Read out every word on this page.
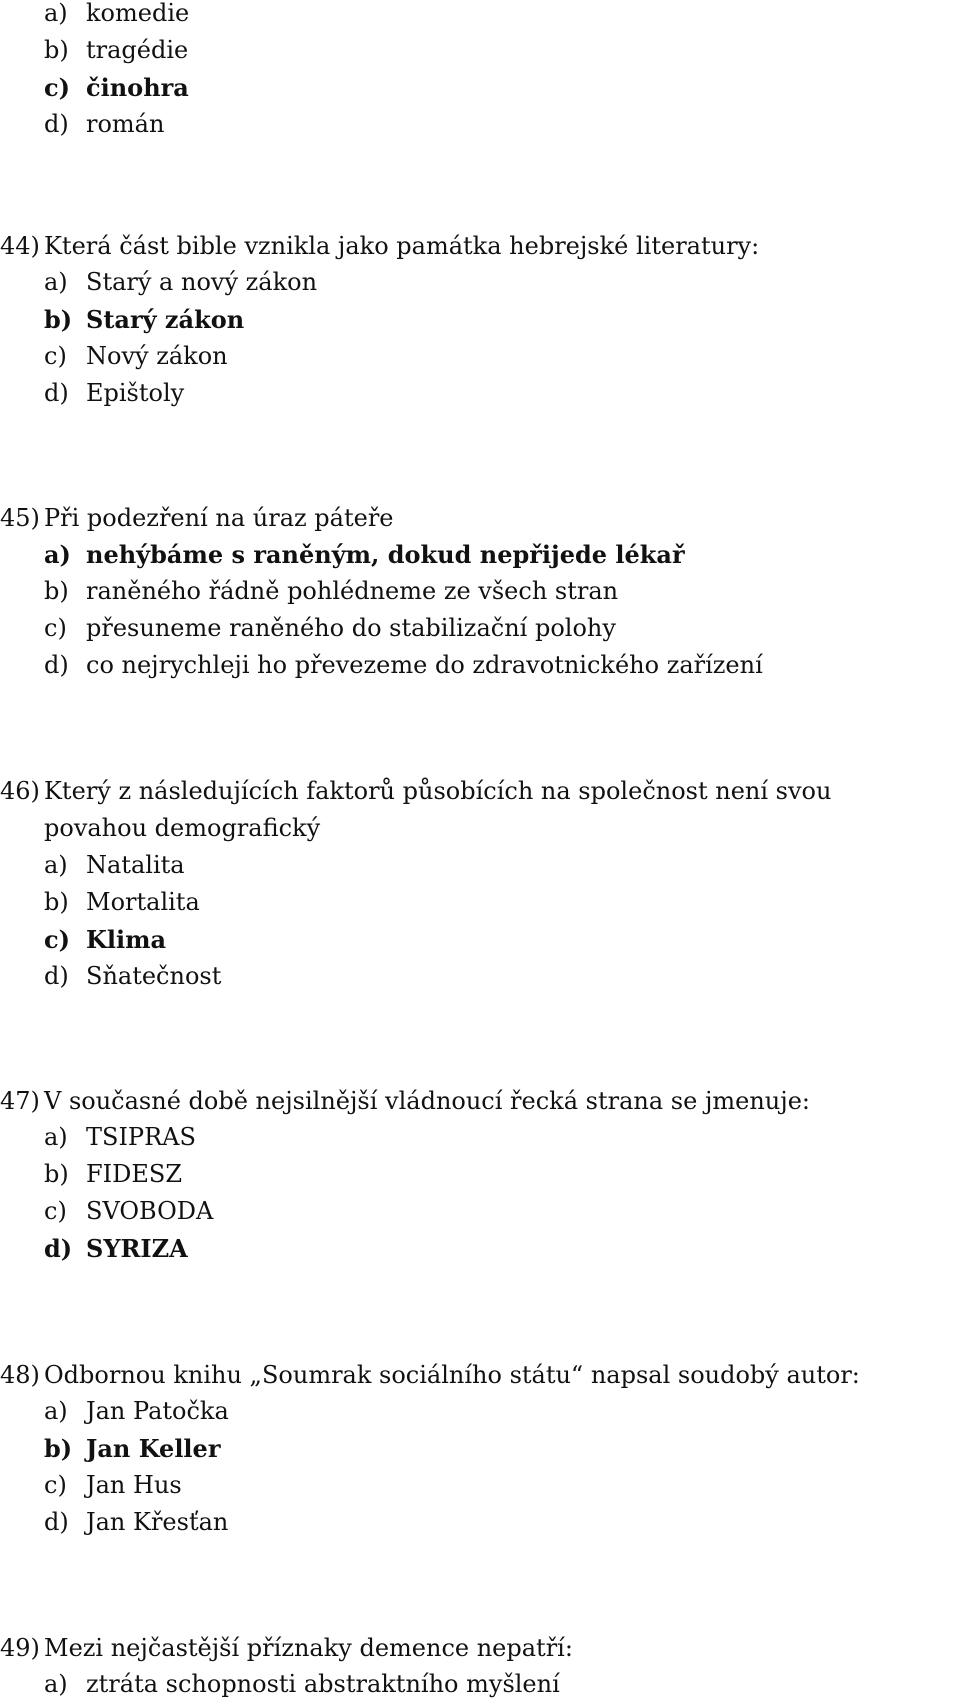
a) komedie
b) tragédie
c) činohra
d) román
44) Která část bible vznikla jako památka hebrejské literatury:
a) Starý a nový zákon
b) Starý zákon
c) Nový zákon
d) Epištoly
45) Při podezření na úraz páteře
a) nehýbáme s raněným, dokud nepřijede lékař
b) raněného řádně pohlédneme ze všech stran
c) přesuneme raněného do stabilizační polohy
d) co nejrychleji ho převezeme do zdravotnického zařízení
46) Který z následujících faktorů působících na společnost není svou povahou demografický
a) Natalita
b) Mortalita
c) Klima
d) Sňatečnost
47) V současné době nejsilnější vládnoucí řecká strana se jmenuje:
a) TSIPRAS
b) FIDESZ
c) SVOBODA
d) SYRIZA
48) Odbornou knihu „Soumrak sociálního státu“ napsal soudobý autor:
a) Jan Patočka
b) Jan Keller
c) Jan Hus
d) Jan Křesťan
49) Mezi nejčastější příznaky demence nepatří:
a) ztráta schopnosti abstraktního myšlení
